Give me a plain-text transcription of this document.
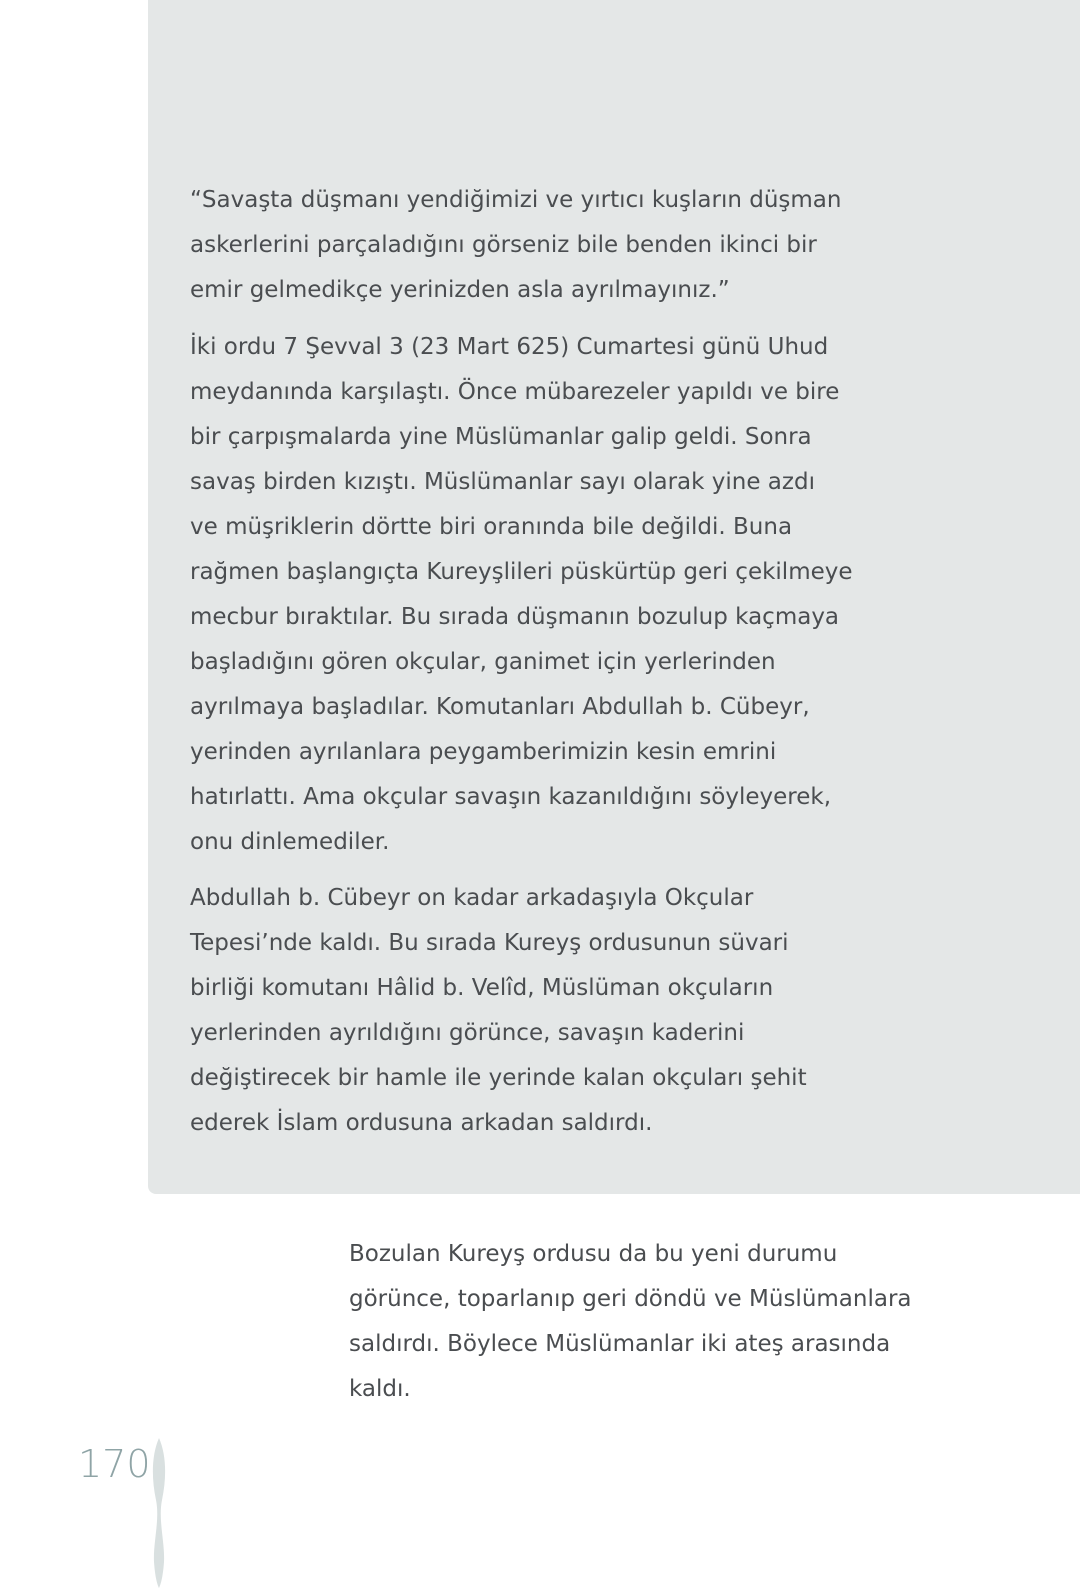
“Savaşta düşmanı yendiğimizi ve yırtıcı kuşların düşman
askerlerini parçaladığını görseniz bile benden ikinci bir
emir gelmedikçe yerinizden asla ayrılmayınız.”

İki ordu 7 Şevval 3 (23 Mart 625) Cumartesi günü Uhud
meydanında karşılaştı. Önce mübarezeler yapıldı ve bire
bir çarpışmalarda yine Müslümanlar galip geldi. Sonra
savaş birden kızıştı. Müslümanlar sayı olarak yine azdı
ve müşriklerin dörtte biri oranında bile değildi. Buna
rağmen başlangıçta Kureyşlileri püskürtüp geri çekilmeye
mecbur bıraktılar. Bu sırada düşmanın bozulup kaçmaya
başladığını gören okçular, ganimet için yerlerinden
ayrılmaya başladılar. Komutanları Abdullah b. Cübeyr,
yerinden ayrılanlara peygamberimizin kesin emrini
hatırlattı. Ama okçular savaşın kazanıldığını söyleyerek,
onu dinlemediler.

Abdullah b. Cübeyr on kadar arkadaşıyla Okçular
Tepesi’nde kaldı. Bu sırada Kureyş ordusunun süvari
birliği komutanı Hâlid b. Velîd, Müslüman okçuların
yerlerinden ayrıldığını görünce, savaşın kaderini
değiştirecek bir hamle ile yerinde kalan okçuları şehit
ederek İslam ordusuna arkadan saldırdı.

Bozulan Kureyş ordusu da bu yeni durumu
görünce, toparlanıp geri döndü ve Müslümanlara
saldırdı. Böylece Müslümanlar iki ateş arasında
kaldı.

170
